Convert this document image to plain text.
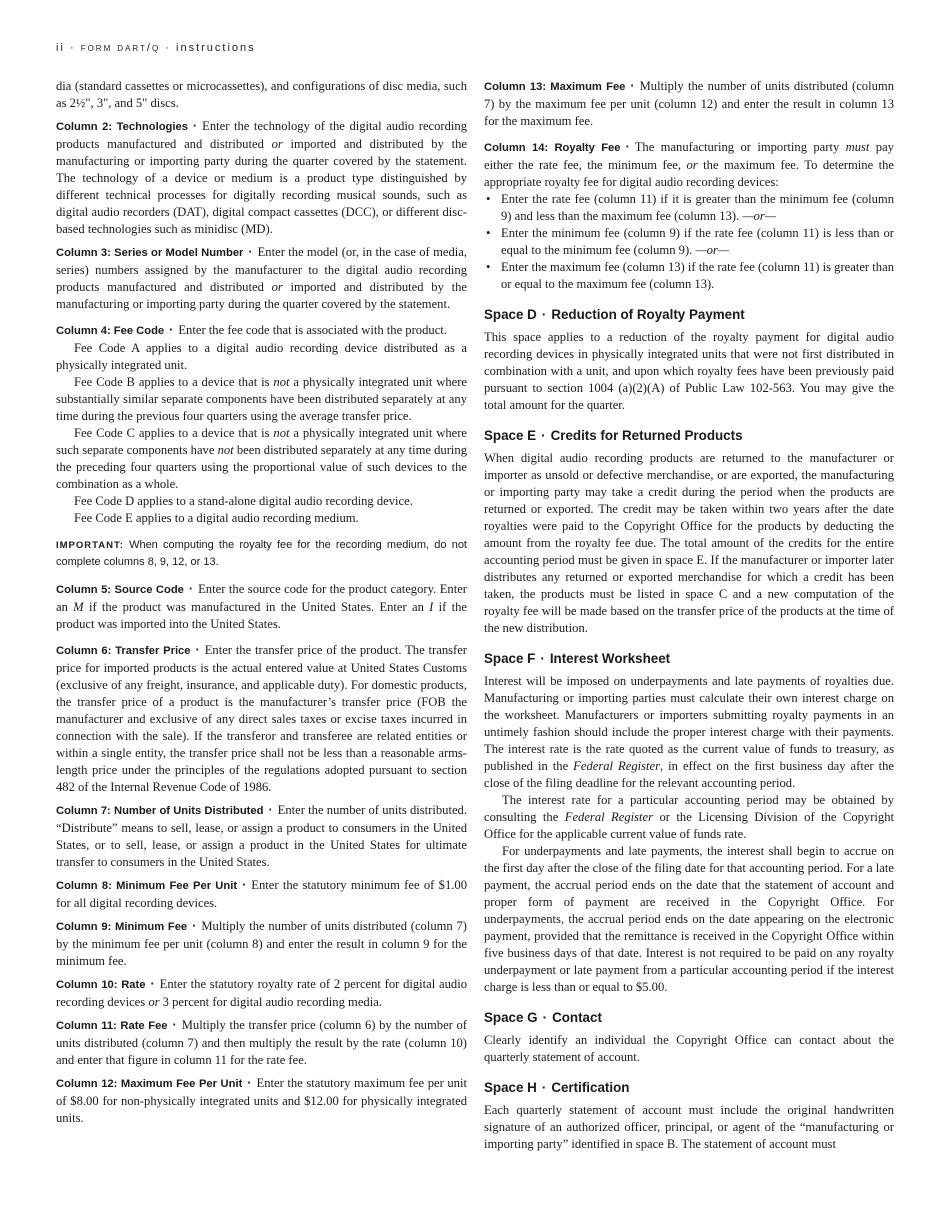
ii · form dart/q · instructions

dia (standard cassettes or microcassettes), and configurations of disc media, such as 2½", 3", and 5" discs.

Column 2: Technologies · Enter the technology of the digital audio recording products manufactured and distributed or imported and distributed by the manufacturing or importing party during the quarter covered by the statement. The technology of a device or medium is a product type distinguished by different technical processes for digitally recording musical sounds, such as digital audio recorders (DAT), digital compact cassettes (DCC), or different disc-based technologies such as minidisc (MD).

Column 3: Series or Model Number · Enter the model (or, in the case of media, series) numbers assigned by the manufacturer to the digital audio recording products manufactured and distributed or imported and distributed by the manufacturing or importing party during the quarter covered by the statement.

Column 4: Fee Code · Enter the fee code that is associated with the product.

Fee Code A applies to a digital audio recording device distributed as a physically integrated unit.

Fee Code B applies to a device that is not a physically integrated unit where substantially similar separate components have been distributed separately at any time during the previous four quarters using the average transfer price.

Fee Code C applies to a device that is not a physically integrated unit where such separate components have not been distributed separately at any time during the preceding four quarters using the proportional value of such devices to the combination as a whole.

Fee Code D applies to a stand-alone digital audio recording device.

Fee Code E applies to a digital audio recording medium.

IMPORTANT: When computing the royalty fee for the recording medium, do not complete columns 8, 9, 12, or 13.

Column 5: Source Code · Enter the source code for the product category. Enter an M if the product was manufactured in the United States. Enter an I if the product was imported into the United States.

Column 6: Transfer Price · Enter the transfer price of the product. The transfer price for imported products is the actual entered value at United States Customs (exclusive of any freight, insurance, and applicable duty). For domestic products, the transfer price of a product is the manufacturer’s transfer price (FOB the manufacturer and exclusive of any direct sales taxes or excise taxes incurred in connection with the sale). If the transferor and transferee are related entities or within a single entity, the transfer price shall not be less than a reasonable arms-length price under the principles of the regulations adopted pursuant to section 482 of the Internal Revenue Code of 1986.

Column 7: Number of Units Distributed · Enter the number of units distributed. “Distribute” means to sell, lease, or assign a product to consumers in the United States, or to sell, lease, or assign a product in the United States for ultimate transfer to consumers in the United States.

Column 8: Minimum Fee Per Unit · Enter the statutory minimum fee of $1.00 for all digital recording devices.

Column 9: Minimum Fee · Multiply the number of units distributed (column 7) by the minimum fee per unit (column 8) and enter the result in column 9 for the minimum fee.

Column 10: Rate · Enter the statutory royalty rate of 2 percent for digital audio recording devices or 3 percent for digital audio recording media.

Column 11: Rate Fee · Multiply the transfer price (column 6) by the number of units distributed (column 7) and then multiply the result by the rate (column 10) and enter that figure in column 11 for the rate fee.

Column 12: Maximum Fee Per Unit · Enter the statutory maximum fee per unit of $8.00 for non-physically integrated units and $12.00 for physically integrated units.

Column 13: Maximum Fee · Multiply the number of units distributed (column 7) by the maximum fee per unit (column 12) and enter the result in column 13 for the maximum fee.

Column 14: Royalty Fee · The manufacturing or importing party must pay either the rate fee, the minimum fee, or the maximum fee. To determine the appropriate royalty fee for digital audio recording devices:

• Enter the rate fee (column 11) if it is greater than the minimum fee (column 9) and less than the maximum fee (column 13). —or—
• Enter the minimum fee (column 9) if the rate fee (column 11) is less than or equal to the minimum fee (column 9). —or—
• Enter the maximum fee (column 13) if the rate fee (column 11) is greater than or equal to the maximum fee (column 13).
Space D · Reduction of Royalty Payment

This space applies to a reduction of the royalty payment for digital audio recording devices in physically integrated units that were not first distributed in combination with a unit, and upon which royalty fees have been previously paid pursuant to section 1004 (a)(2)(A) of Public Law 102-563. You may give the total amount for the quarter.

Space E · Credits for Returned Products

When digital audio recording products are returned to the manufacturer or importer as unsold or defective merchandise, or are exported, the manufacturing or importing party may take a credit during the period when the products are returned or exported. The credit may be taken within two years after the date royalties were paid to the Copyright Office for the products by deducting the amount from the royalty fee due. The total amount of the credits for the entire accounting period must be given in space E. If the manufacturer or importer later distributes any returned or exported merchandise for which a credit has been taken, the products must be listed in space C and a new computation of the royalty fee will be made based on the transfer price of the products at the time of the new distribution.

Space F · Interest Worksheet

Interest will be imposed on underpayments and late payments of royalties due. Manufacturing or importing parties must calculate their own interest charge on the worksheet. Manufacturers or importers submitting royalty payments in an untimely fashion should include the proper interest charge with their payments. The interest rate is the rate quoted as the current value of funds to treasury, as published in the Federal Register, in effect on the first business day after the close of the filing deadline for the relevant accounting period.

The interest rate for a particular accounting period may be obtained by consulting the Federal Register or the Licensing Division of the Copyright Office for the applicable current value of funds rate.

For underpayments and late payments, the interest shall begin to accrue on the first day after the close of the filing date for that accounting period. For a late payment, the accrual period ends on the date that the statement of account and proper form of payment are received in the Copyright Office. For underpayments, the accrual period ends on the date appearing on the electronic payment, provided that the remittance is received in the Copyright Office within five business days of that date. Interest is not required to be paid on any royalty underpayment or late payment from a particular accounting period if the interest charge is less than or equal to $5.00.

Space G · Contact

Clearly identify an individual the Copyright Office can contact about the quarterly statement of account.

Space H · Certification

Each quarterly statement of account must include the original handwritten signature of an authorized officer, principal, or agent of the “manufacturing or importing party” identified in space B. The statement of account must
